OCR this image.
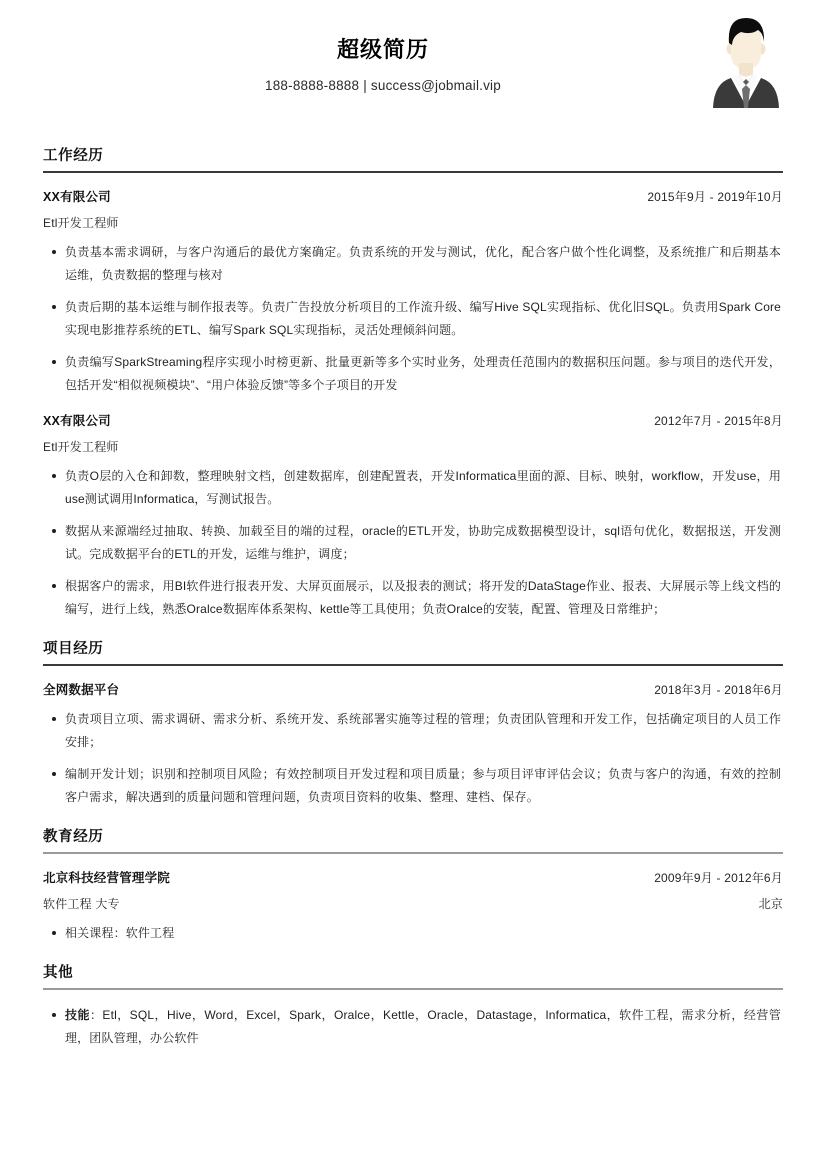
超级简历
188-8888-8888 | success@jobmail.vip
工作经历
XX有限公司	2015年9月 - 2019年10月
Etl开发工程师
负责基本需求调研，与客户沟通后的最优方案确定。负责系统的开发与测试，优化，配合客户做个性化调整，及系统推广和后期基本运维，负责数据的整理与核对
负责后期的基本运维与制作报表等。负责广告投放分析项目的工作流升级、编写Hive SQL实现指标、优化旧SQL。负责用Spark Core实现电影推荐系统的ETL、编写Spark SQL实现指标，灵活处理倾斜问题。
负责编写SparkStreaming程序实现小时榜更新、批量更新等多个实时业务，处理责任范围内的数据积压问题。参与项目的迭代开发，包括开发“相似视频模块”、“用户体验反馈”等多个子项目的开发
XX有限公司	2012年7月 - 2015年8月
Etl开发工程师
负责O层的入仓和卸数，整理映射文档，创建数据库，创建配置表，开发Informatica里面的源、目标、映射，workflow，开发use，用use测试调用Informatica，写测试报告。
数据从来源端经过抽取、转换、加载至目的端的过程，oracle的ETL开发，协助完成数据模型设计，sql语句优化，数据报送，开发测试。完成数据平台的ETL的开发，运维与维护，调度；
根据客户的需求，用BI软件进行报表开发、大屏页面展示，以及报表的测试；将开发的DataStage作业、报表、大屏展示等上线文档的编写，进行上线，熟悉Oralce数据库体系架构、kettle等工具使用；负责Oralce的安装，配置、管理及日常维护；
项目经历
全网数据平台	2018年3月 - 2018年6月
负责项目立项、需求调研、需求分析、系统开发、系统部署实施等过程的管理；负责团队管理和开发工作，包括确定项目的人员工作安排；
编制开发计划；识别和控制项目风险；有效控制项目开发过程和项目质量；参与项目评审评估会议；负责与客户的沟通，有效的控制客户需求，解决遇到的质量问题和管理问题，负责项目资料的收集、整理、建档、保存。
教育经历
北京科技经营管理学院	2009年9月 - 2012年6月
软件工程 大专	北京
相关课程：软件工程
其他
技能：Etl，SQL，Hive，Word，Excel，Spark，Oralce，Kettle，Oracle，Datastage，Informatica，软件工程，需求分析，经营管理，团队管理，办公软件
